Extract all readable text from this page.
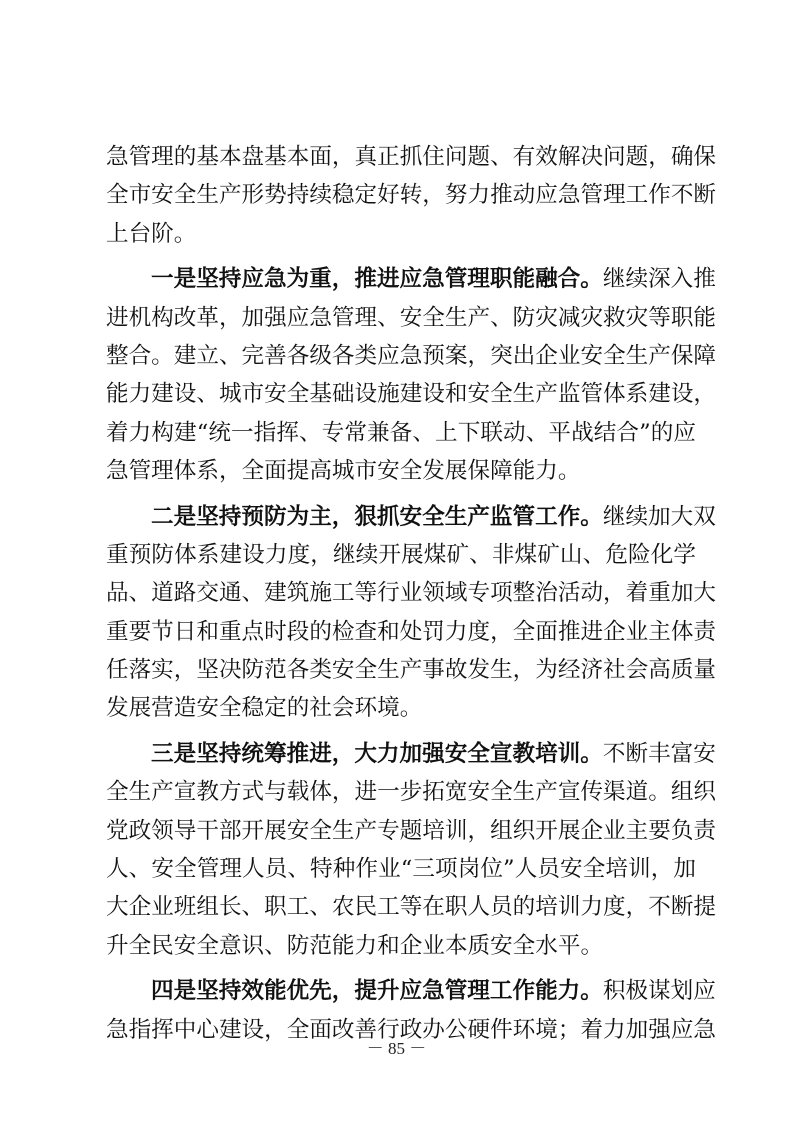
急管理的基本盘基本面，真正抓住问题、有效解决问题，确保
全市安全生产形势持续稳定好转，努力推动应急管理工作不断
上台阶。
一是坚持应急为重，推进应急管理职能融合。继续深入推
进机构改革，加强应急管理、安全生产、防灾减灾救灾等职能
整合。建立、完善各级各类应急预案，突出企业安全生产保障
能力建设、城市安全基础设施建设和安全生产监管体系建设，
着力构建“统一指挥、专常兼备、上下联动、平战结合”的应
急管理体系，全面提高城市安全发展保障能力。
二是坚持预防为主，狠抓安全生产监管工作。继续加大双
重预防体系建设力度，继续开展煤矿、非煤矿山、危险化学
品、道路交通、建筑施工等行业领域专项整治活动，着重加大
重要节日和重点时段的检查和处罚力度，全面推进企业主体责
任落实，坚决防范各类安全生产事故发生，为经济社会高质量
发展营造安全稳定的社会环境。
三是坚持统筹推进，大力加强安全宣教培训。不断丰富安
全生产宣教方式与载体，进一步拓宽安全生产宣传渠道。组织
党政领导干部开展安全生产专题培训，组织开展企业主要负责
人、安全管理人员、特种作业“三项岗位”人员安全培训，加
大企业班组长、职工、农民工等在职人员的培训力度，不断提
升全民安全意识、防范能力和企业本质安全水平。
四是坚持效能优先，提升应急管理工作能力。积极谋划应
急指挥中心建设，全面改善行政办公硬件环境；着力加强应急
－ 85 －
